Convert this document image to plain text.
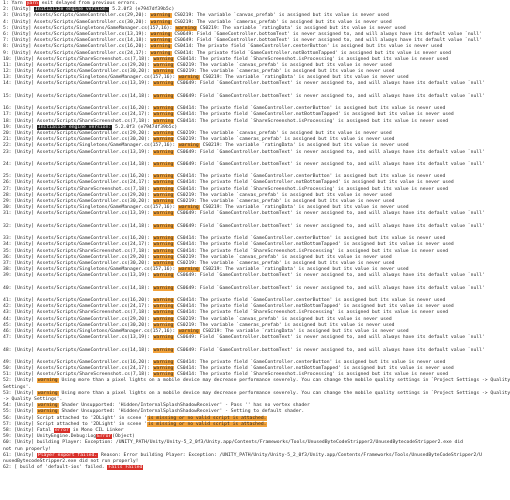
1: Yarn yarn exit delayed from previous errors.
2: [Unity] Initialize engine version: 5.2.0f3 (e7947df39b5c)
3: [Unity] Assets/Scripts/GameController.cs(29,20): warning CS0219: The variable `canvas_prefab' is assigned but its value is never used
4: [Unity] Assets/Scripts/GameController.cs(30,20): warning CS0219: The variable `cameras_prefab' is assigned but its value is never used
5: [Unity] Assets/Scripts/Singletons/GameManager.cs(157,16): warning CS0219: The variable `ratingData' is assigned but its value is never used
6: [Unity] Assets/Scripts/GameController.cs(13,19): warning CS0649: Field `GameController.bottomText' is never assigned to, and will always have its default value `null'
7: [Unity] Assets/Scripts/GameController.cs(14,18): warning CS0649: Field `GameController.bottomText' is never assigned to, and will always have its default value `null'
8: [Unity] Assets/Scripts/GameController.cs(16,20): warning CS0414: The private field `GameController.centerButton' is assigned but its value is never used
9: [Unity] Assets/Scripts/GameController.cs(24,17): warning CS0414: The private field `GameController.notBottomTapped' is assigned but its value is never used
10: [Unity] Assets/Scripts/ShareScreenshot.cs(7,18): warning CS0414: The private field `ShareScreenshot.isProcessing' is assigned but its value is never used
11: [Unity] Assets/Scripts/GameController.cs(29,20): warning CS0219: The variable `canvas_prefab' is assigned but its value is never used
12: [Unity] Assets/Scripts/GameController.cs(30,20): warning CS0219: The variable `cameras_prefab' is assigned but its value is never used
13: [Unity] Assets/Scripts/Singletons/GameManager.cs(157,16): warning CS0219: The variable `ratingData' is assigned but its value is never used
14: [Unity] Assets/Scripts/GameController.cs(13,19): warning CS0649: Field `GameController.bottomText' is never assigned to, and will always have its default value `null'
15: [Unity] Assets/Scripts/GameController.cs(14,18): warning CS0649: Field `GameController.bottomText' is never assigned to, and will always have its default value `null'
16: [Unity] Assets/Scripts/GameController.cs(16,20): warning CS0414: The private field `GameController.centerButton' is assigned but its value is never used
17: [Unity] Assets/Scripts/GameController.cs(24,17): warning CS0414: The private field `GameController.notBottomTapped' is assigned but its value is never used
18: [Unity] Assets/Scripts/ShareScreenshot.cs(7,18): warning CS0414: The private field `ShareScreenshot.isProcessing' is assigned but its value is never used
19: [Unity] Initialize engine version: 5.2.0f3 (e7947df39b5c)
20: [Unity] Assets/Scripts/GameController.cs(29,20): warning CS0219: The variable `canvas_prefab' is assigned but its value is never used
21: [Unity] Assets/Scripts/GameController.cs(30,20): warning CS0219: The variable `cameras_prefab' is assigned but its value is never used
22: [Unity] Assets/Scripts/Singletons/GameManager.cs(157,16): warning CS0219: The variable `ratingData' is assigned but its value is never used
23: [Unity] Assets/Scripts/GameController.cs(13,19): warning CS0649: Field `GameController.bottomText' is never assigned to, and will always have its default value `null'
24: [Unity] Assets/Scripts/GameController.cs(14,18): warning CS0649: Field `GameController.bottomText' is never assigned to, and will always have its default value `null'
25: [Unity] Assets/Scripts/GameController.cs(16,20): warning CS0414: The private field `GameController.centerButton' is assigned but its value is never used
26: [Unity] Assets/Scripts/GameController.cs(24,17): warning CS0414: The private field `GameController.notBottomTapped' is assigned but its value is never used
27: [Unity] Assets/Scripts/ShareScreenshot.cs(7,18): warning CS0414: The private field `ShareScreenshot.isProcessing' is assigned but its value is never used
28: [Unity] Assets/Scripts/GameController.cs(29,20): warning CS0219: The variable `canvas_prefab' is assigned but its value is never used
29: [Unity] Assets/Scripts/GameController.cs(30,20): warning CS0219: The variable `cameras_prefab' is assigned but its value is never used
30: [Unity] Assets/Scripts/Singletons/GameManager.cs(157,16): warning CS0219: The variable `ratingData' is assigned but its value is never used
31: [Unity] Assets/Scripts/GameController.cs(13,19): warning CS0649: Field `GameController.bottomText' is never assigned to, and will always have its default value `null'
32: [Unity] Assets/Scripts/GameController.cs(14,18): warning CS0649: Field `GameController.bottomText' is never assigned to, and will always have its default value `null'
33: [Unity] Assets/Scripts/GameController.cs(16,20): warning CS0414: The private field `GameController.centerButton' is assigned but its value is never used
34: [Unity] Assets/Scripts/GameController.cs(24,17): warning CS0414: The private field `GameController.notBottomTapped' is assigned but its value is never used
35: [Unity] Assets/Scripts/ShareScreenshot.cs(7,18): warning CS0414: The private field `ShareScreenshot.isProcessing' is assigned but its value is never used
36: [Unity] Assets/Scripts/GameController.cs(29,20): warning CS0219: The variable `canvas_prefab' is assigned but its value is never used
37: [Unity] Assets/Scripts/GameController.cs(30,20): warning CS0219: The variable `cameras_prefab' is assigned but its value is never used
38: [Unity] Assets/Scripts/Singletons/GameManager.cs(157,16): warning CS0219: The variable `ratingData' is assigned but its value is never used
39: [Unity] Assets/Scripts/GameController.cs(13,19): warning CS0649: Field `GameController.bottomText' is never assigned to, and will always have its default value `null'
40: [Unity] Assets/Scripts/GameController.cs(14,18): warning CS0649: Field `GameController.bottomText' is never assigned to, and will always have its default value `null'
41: [Unity] Assets/Scripts/GameController.cs(16,20): warning CS0414: The private field `GameController.centerButton' is assigned but its value is never used
42: [Unity] Assets/Scripts/GameController.cs(24,17): warning CS0414: The private field `GameController.notBottomTapped' is assigned but its value is never used
43: [Unity] Assets/Scripts/ShareScreenshot.cs(7,18): warning CS0414: The private field `ShareScreenshot.isProcessing' is assigned but its value is never used
44: [Unity] Assets/Scripts/GameController.cs(29,20): warning CS0219: The variable `canvas_prefab' is assigned but its value is never used
45: [Unity] Assets/Scripts/GameController.cs(30,20): warning CS0219: The variable `cameras_prefab' is assigned but its value is never used
46: [Unity] Assets/Scripts/Singletons/GameManager.cs(157,16): warning CS0219: The variable `ratingData' is assigned but its value is never used
47: [Unity] Assets/Scripts/GameController.cs(13,19): warning CS0649: Field `GameController.bottomText' is never assigned to, and will always have its default value `null'
48: [Unity] Assets/Scripts/GameController.cs(14,18): warning CS0649: Field `GameController.bottomText' is never assigned to, and will always have its default value `null'
49: [Unity] Assets/Scripts/GameController.cs(16,20): warning CS0414: The private field `GameController.centerButton' is assigned but its value is never used
50: [Unity] Assets/Scripts/GameController.cs(24,17): warning CS0414: The private field `GameController.notBottomTapped' is assigned but its value is never used
51: [Unity] Assets/Scripts/ShareScreenshot.cs(7,18): warning CS0414: The private field `ShareScreenshot.isProcessing' is assigned but its value is never used
52: [Unity] warning Using more than a pixel lights on a mobile device may decrease performance severely. You can change the mobile quality settings in `Project Settings -> Quality
Settings'.
53: [Unity] warning Using more than a pixel lights on a mobile device may decrease performance severely. You can change the mobile quality settings in `Project Settings -> Quality
-> Quality Settings'.
54: [Unity] warning Shader Unsupported: 'Hidden/InternalSplashShadowReceiver' - Pass '' has no vertex shader
55: [Unity] warning Shader Unsupported: 'Hidden/InternalSplashShadowReceiver' - Setting to default shader.
56: [Unity] Script attached to '2DLight' in scene 'is missing or no valid script is attached.
57: [Unity] Script attached to '2DLight' in scene 'is missing or no valid script is attached.
58: [Unity] Fatal error in Mono CIL Linker
59: [Unity] UnityEngine.Debug:LogError(Object)
60: [Unity] building Player: Exception: /UNITY_PATH/Unity/Unity-5_2_0f3/Unity.app/Contents/Frameworks/Tools/UnusedByteCodeStripper2/UnusedBytecodeStripper2.exe did
not run properly!
61: [Unity] Player export failed. Reason: Error building Player: Exception: /UNITY_PATH/Unity/Unity-5_2_0f3/Unity.app/Contents/Frameworks/Tools/UnusedByteCodeStripper2/U
nusedBytecodeStripper2.exe did not run properly!
62: [ build of 'default-ios' failed. Fails Failed
